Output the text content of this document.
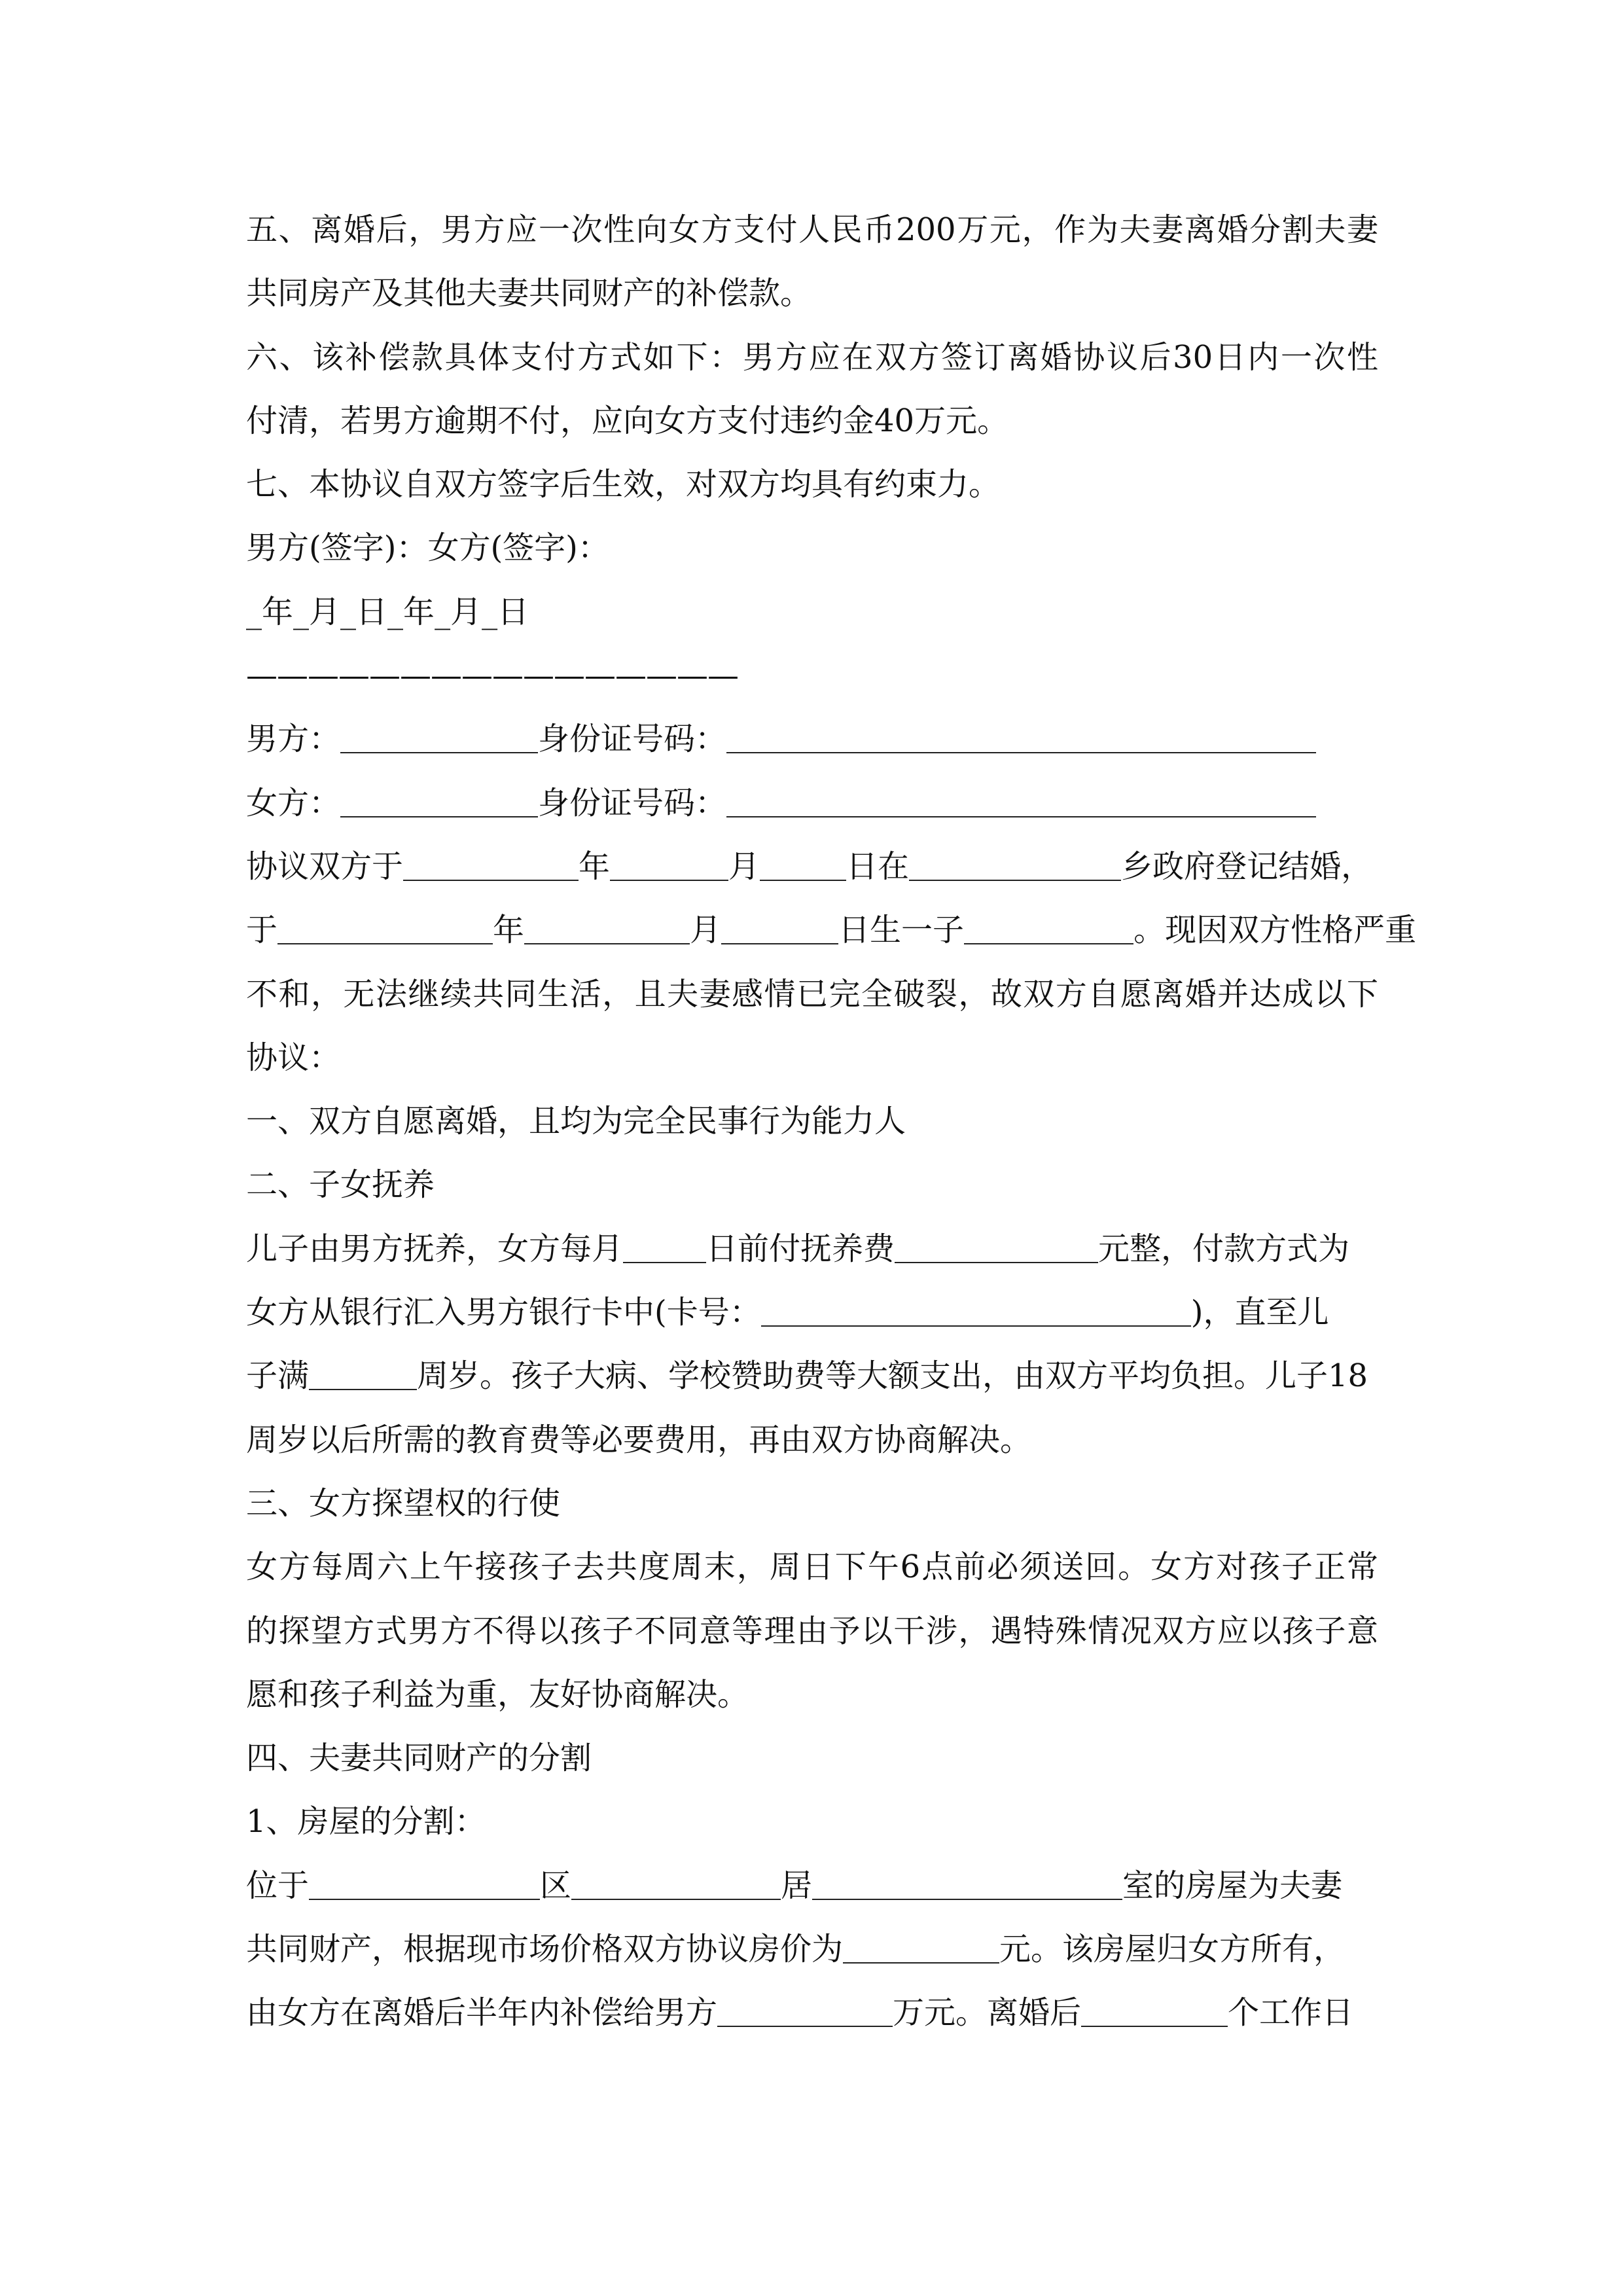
五、离婚后，男方应一次性向女方支付人民币200万元，作为夫妻离婚分割夫妻
共同房产及其他夫妻共同财产的补偿款。
六、该补偿款具体支付方式如下：男方应在双方签订离婚协议后30日内一次性
付清，若男方逾期不付，应向女方支付违约金40万元。
七、本协议自双方签字后生效，对双方均具有约束力。
男方(签字)：女方(签字)：
_年_月_日_年_月_日
————————————————
男方：	身份证号码：
女方：	身份证号码：
协议双方于	年	月	日在	乡政府登记结婚，
于	年	月	日生一子	。现因双方性格严重
不和，无法继续共同生活，且夫妻感情已完全破裂，故双方自愿离婚并达成以下
协议：
一、双方自愿离婚，且均为完全民事行为能力人
二、子女抚养
儿子由男方抚养，女方每月	日前付抚养费	元整，付款方式为
女方从银行汇入男方银行卡中(卡号：	)，直至儿
子满	周岁。孩子大病、学校赞助费等大额支出，由双方平均负担。儿子18
周岁以后所需的教育费等必要费用，再由双方协商解决。
三、女方探望权的行使
女方每周六上午接孩子去共度周末，周日下午6点前必须送回。女方对孩子正常
的探望方式男方不得以孩子不同意等理由予以干涉，遇特殊情况双方应以孩子意
愿和孩子利益为重，友好协商解决。
四、夫妻共同财产的分割
1、房屋的分割：
位于	区	居	室的房屋为夫妻
共同财产，根据现市场价格双方协议房价为	元。该房屋归女方所有，
由女方在离婚后半年内补偿给男方	万元。离婚后	个工作日
